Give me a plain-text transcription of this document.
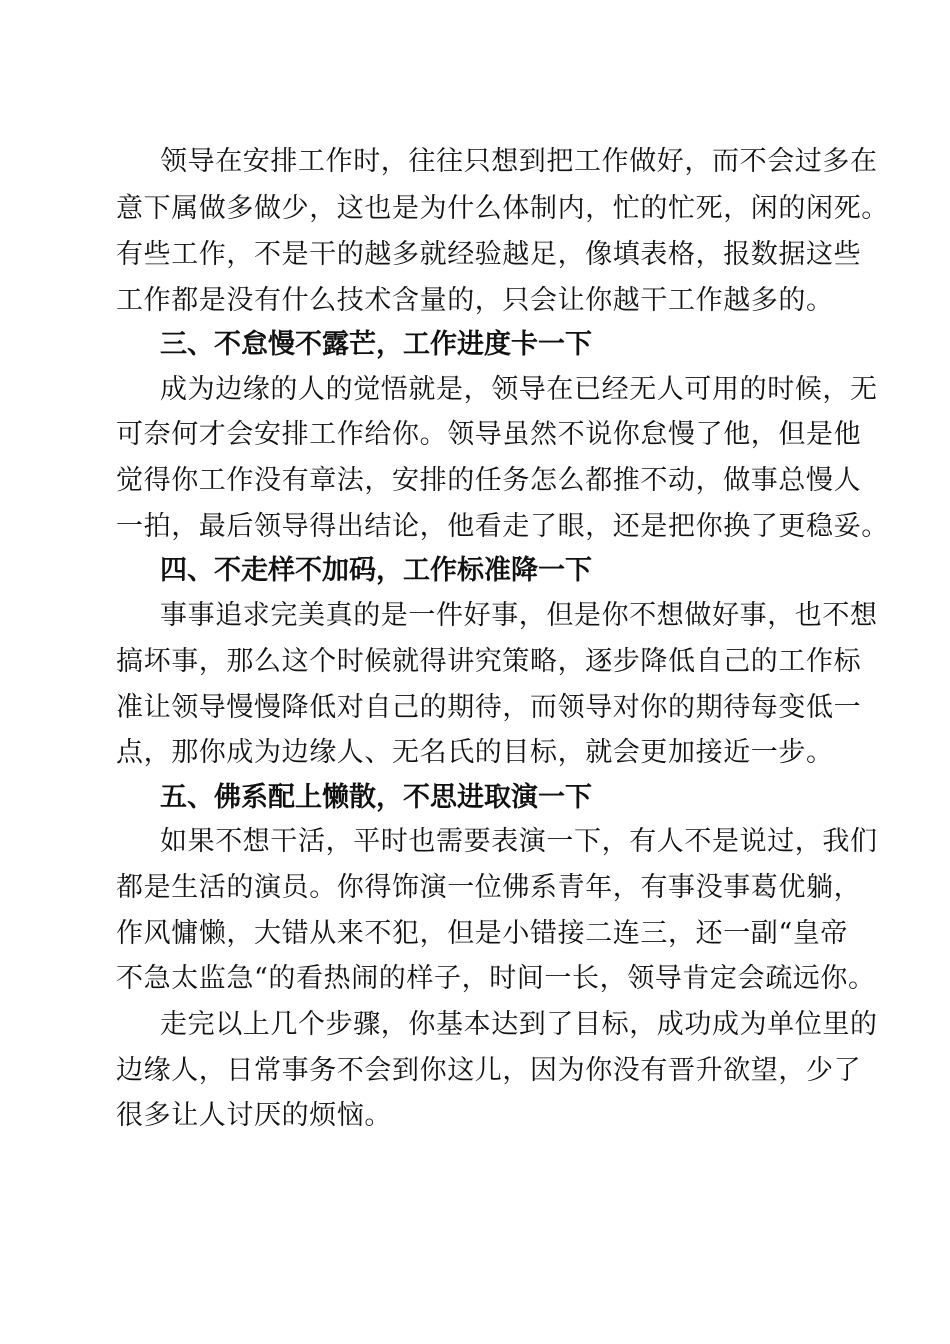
领导在安排工作时，往往只想到把工作做好，而不会过多在
意下属做多做少，这也是为什么体制内，忙的忙死，闲的闲死。
有些工作，不是干的越多就经验越足，像填表格，报数据这些
工作都是没有什么技术含量的，只会让你越干工作越多的。
三、不怠慢不露芒，工作进度卡一下
成为边缘的人的觉悟就是，领导在已经无人可用的时候，无
可奈何才会安排工作给你。领导虽然不说你怠慢了他，但是他
觉得你工作没有章法，安排的任务怎么都推不动，做事总慢人
一拍，最后领导得出结论，他看走了眼，还是把你换了更稳妥。
四、不走样不加码，工作标准降一下
事事追求完美真的是一件好事，但是你不想做好事，也不想
搞坏事，那么这个时候就得讲究策略，逐步降低自己的工作标
准让领导慢慢降低对自己的期待，而领导对你的期待每变低一
点，那你成为边缘人、无名氏的目标，就会更加接近一步。
五、佛系配上懒散，不思进取演一下
如果不想干活，平时也需要表演一下，有人不是说过，我们
都是生活的演员。你得饰演一位佛系青年，有事没事葛优躺，
作风慵懒，大错从来不犯，但是小错接二连三，还一副“皇帝
不急太监急“的看热闹的样子，时间一长，领导肯定会疏远你。
走完以上几个步骤，你基本达到了目标，成功成为单位里的
边缘人，日常事务不会到你这儿，因为你没有晋升欲望，少了
很多让人讨厌的烦恼。
